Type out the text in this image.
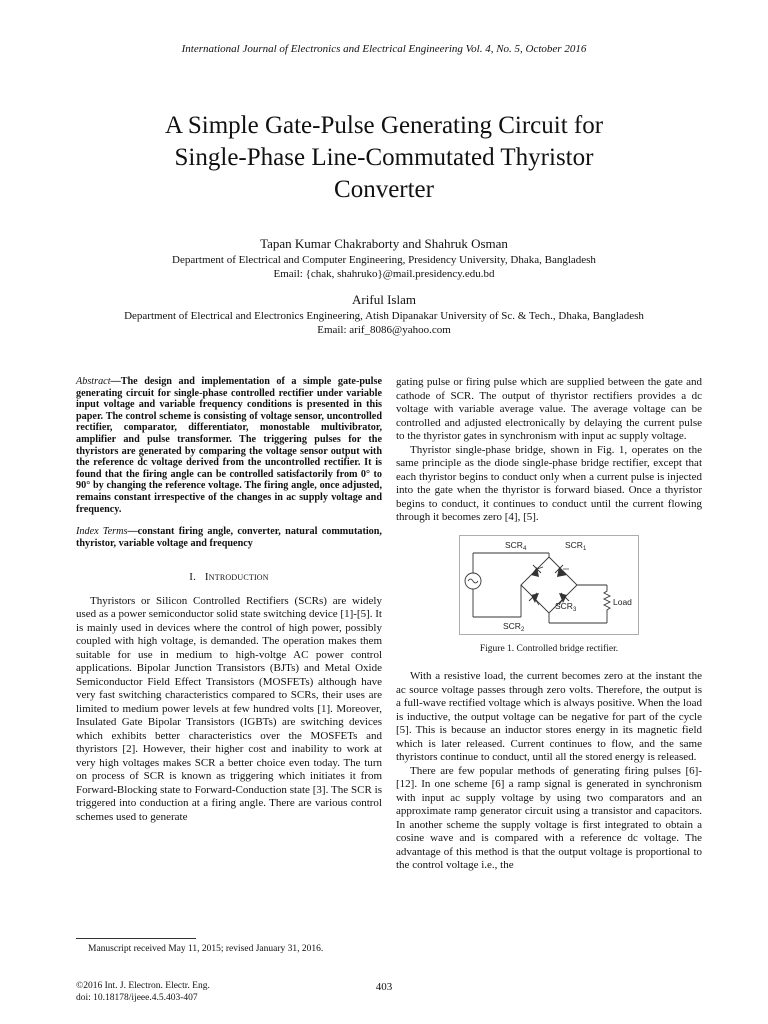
International Journal of Electronics and Electrical Engineering Vol. 4, No. 5, October 2016
A Simple Gate-Pulse Generating Circuit for
Single-Phase Line-Commutated Thyristor
Converter
Tapan Kumar Chakraborty and Shahruk Osman
Department of Electrical and Computer Engineering, Presidency University, Dhaka, Bangladesh
Email: {chak, shahruko}@mail.presidency.edu.bd
Ariful Islam
Department of Electrical and Electronics Engineering, Atish Dipanakar University of Sc. & Tech., Dhaka, Bangladesh
Email: arif_8086@yahoo.com
Abstract—The design and implementation of a simple gate-pulse generating circuit for single-phase controlled rectifier under variable input voltage and variable frequency conditions is presented in this paper. The control scheme is consisting of voltage sensor, uncontrolled rectifier, comparator, differentiator, monostable multivibrator, amplifier and pulse transformer. The triggering pulses for the thyristors are generated by comparing the voltage sensor output with the reference dc voltage derived from the uncontrolled rectifier. It is found that the firing angle can be controlled satisfactorily from 0° to 90° by changing the reference voltage. The firing angle, once adjusted, remains constant irrespective of the changes in ac supply voltage and frequency.
Index Terms—constant firing angle, converter, natural commutation, thyristor, variable voltage and frequency
I. Introduction

Thyristors or Silicon Controlled Rectifiers (SCRs) are widely used as a power semiconductor solid state switching device [1]-[5]. It is mainly used in devices where the control of high power, possibly coupled with high voltage, is demanded. The operation makes them suitable for use in medium to high-voltge AC power control applications. Bipolar Junction Transistors (BJTs) and Metal Oxide Semiconductor Field Effect Transistors (MOSFETs) although have very fast switching characteristics compared to SCRs, their uses are limited to medium power levels at few hundred volts [1]. Moreover, Insulated Gate Bipolar Transistors (IGBTs) are switching devices which exhibits better characteristics over the MOSFETs and thyristors [2]. However, their higher cost and inability to work at very high voltages makes SCR a better choice even today. The turn on process of SCR is known as triggering which initiates it from Forward-Blocking state to Forward-Conduction state [3]. The SCR is triggered into conduction at a firing angle. There are various control schemes used to generate

gating pulse or firing pulse which are supplied between the gate and cathode of SCR. The output of thyristor rectifiers provides a dc voltage with variable average value. The average voltage can be controlled and adjusted electronically by delaying the current pulse to the thyristor gates in synchronism with input ac supply voltage.

Thyristor single-phase bridge, shown in Fig. 1, operates on the same principle as the diode single-phase bridge rectifier, except that each thyristor begins to conduct only when a current pulse is injected into the gate when the thyristor is forward biased. Once a thyristor begins to conduct, it continues to conduct until the current flowing through it becomes zero [4], [5].

$SCR_4$	$SCR_1$
$SCR_2$
$SCR_3$
Load
Figure 1. Controlled bridge rectifier.

With a resistive load, the current becomes zero at the instant the ac source voltage passes through zero volts. Therefore, the output is a full-wave rectified voltage which is always positive. When the load is inductive, the output voltage can be negative for part of the cycle [5]. This is because an inductor stores energy in its magnetic field which is later released. Current continues to flow, and the same thyristors continue to conduct, until all the stored energy is released.

There are few popular methods of generating firing pulses [6]-[12]. In one scheme [6] a ramp signal is generated in synchronism with input ac supply voltage by using two comparators and an approximate ramp generator circuit using a transistor and capacitors. In another scheme the supply voltage is first integrated to obtain a cosine wave and is compared with a reference dc voltage. The advantage of this method is that the output voltage is proportional to the control voltage i.e., the

Manuscript received May 11, 2015; revised January 31, 2016.
©2016 Int. J. Electron. Electr. Eng.
doi: 10.18178/ijeee.4.5.403-407
403
